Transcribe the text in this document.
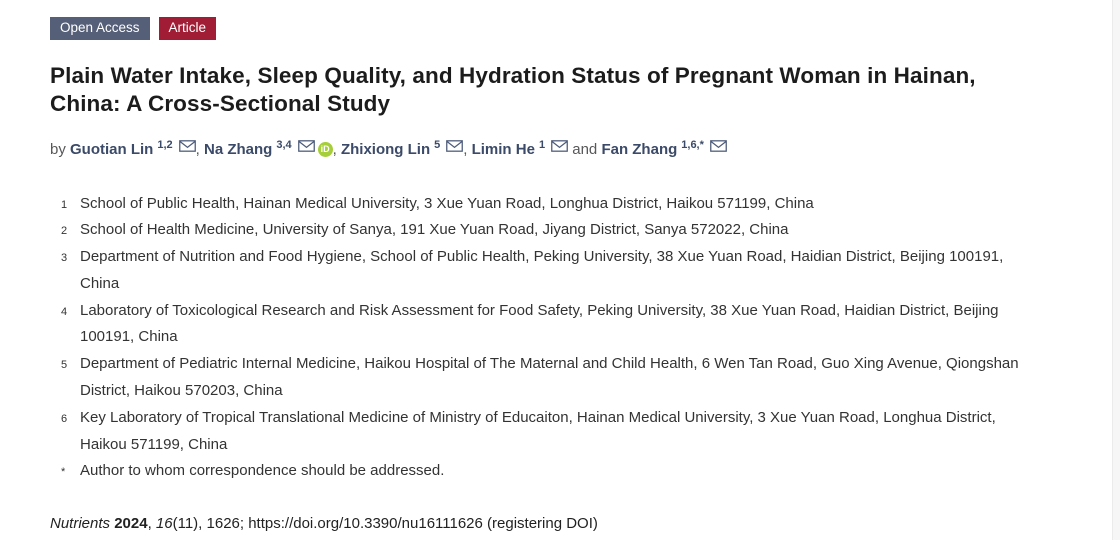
Open Access	Article
Plain Water Intake, Sleep Quality, and Hydration Status of Pregnant Woman in Hainan, China: A Cross-Sectional Study
by Guotian Lin $^{1,2}$ , Na Zhang $^{3,4}$	iD , Zhixiong Lin $^5$ , Limin He $^1$ and Fan Zhang $^{1,6,*}$
1 School of Public Health, Hainan Medical University, 3 Xue Yuan Road, Longhua District, Haikou 571199, China
2 School of Health Medicine, University of Sanya, 191 Xue Yuan Road, Jiyang District, Sanya 572022, China
3 Department of Nutrition and Food Hygiene, School of Public Health, Peking University, 38 Xue Yuan Road, Haidian District, Beijing 100191, China
4 Laboratory of Toxicological Research and Risk Assessment for Food Safety, Peking University, 38 Xue Yuan Road, Haidian District, Beijing 100191, China
5 Department of Pediatric Internal Medicine, Haikou Hospital of The Maternal and Child Health, 6 Wen Tan Road, Guo Xing Avenue, Qiongshan District, Haikou 570203, China
6 Key Laboratory of Tropical Translational Medicine of Ministry of Educaiton, Hainan Medical University, 3 Xue Yuan Road, Longhua District, Haikou 571199, China
* Author to whom correspondence should be addressed.
Nutrients 2024, 16(11), 1626; https://doi.org/10.3390/nu16111626 (registering DOI)
